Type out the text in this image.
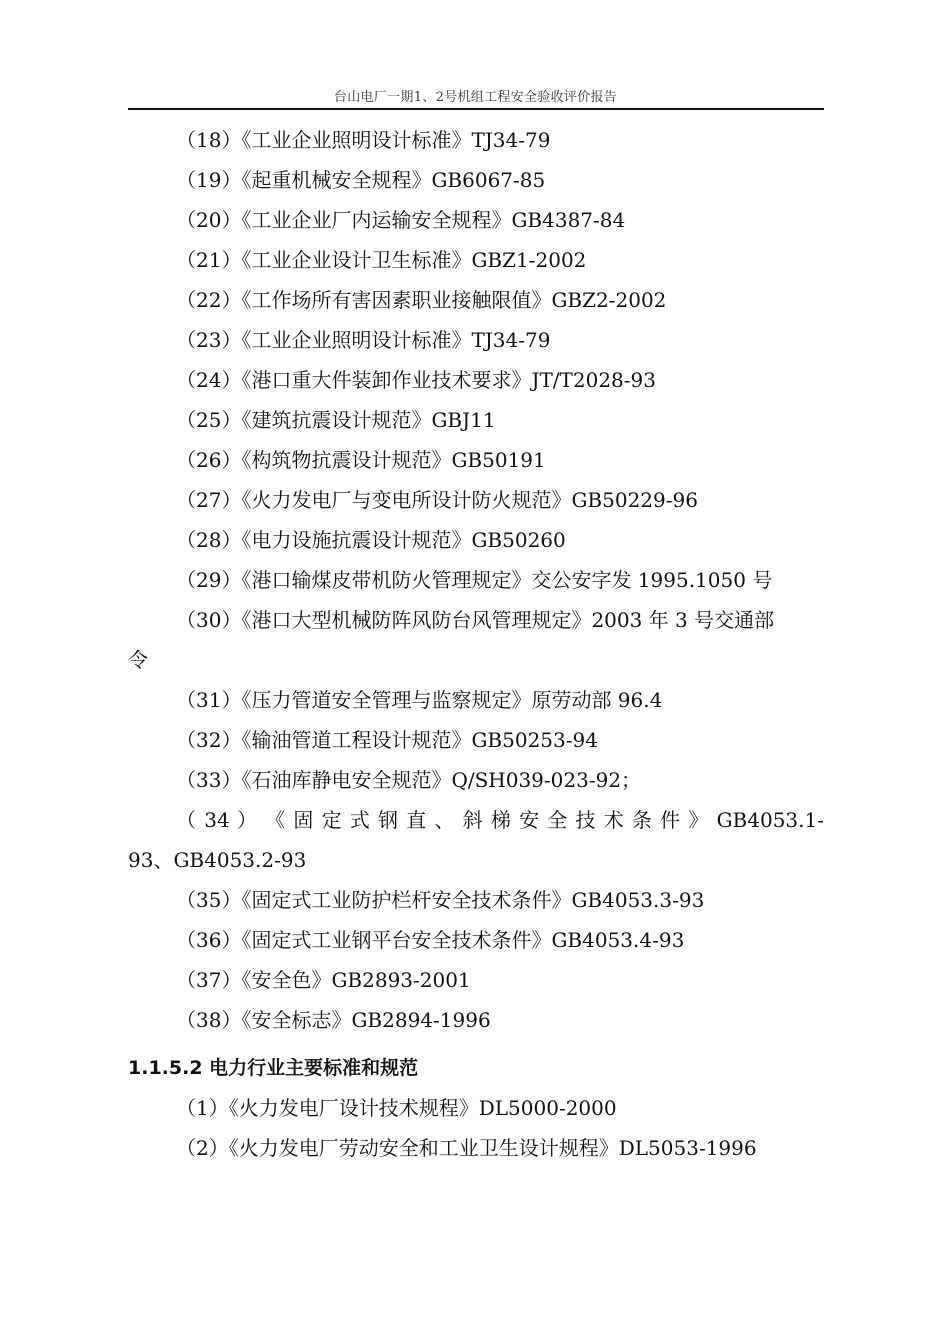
台山电厂一期1、2号机组工程安全验收评价报告
（18）《工业企业照明设计标准》TJ34-79
（19）《起重机械安全规程》GB6067-85
（20）《工业企业厂内运输安全规程》GB4387-84
（21）《工业企业设计卫生标准》GBZ1-2002
（22）《工作场所有害因素职业接触限值》GBZ2-2002
（23）《工业企业照明设计标准》TJ34-79
（24）《港口重大件装卸作业技术要求》JT/T2028-93
（25）《建筑抗震设计规范》GBJ11
（26）《构筑物抗震设计规范》GB50191
（27）《火力发电厂与变电所设计防火规范》GB50229-96
（28）《电力设施抗震设计规范》GB50260
（29）《港口输煤皮带机防火管理规定》交公安字发 1995.1050 号
（30）《港口大型机械防阵风防台风管理规定》2003 年 3 号交通部
令
（31）《压力管道安全管理与监察规定》原劳动部 96.4
（32）《输油管道工程设计规范》GB50253-94
（33）《石油库静电安全规范》Q/SH039-023-92；
（ 34 ） 《 固 定 式 钢 直 、 斜 梯 安 全 技 术 条 件 》 GB4053.1-
93、GB4053.2-93
（35）《固定式工业防护栏杆安全技术条件》GB4053.3-93
（36）《固定式工业钢平台安全技术条件》GB4053.4-93
（37）《安全色》GB2893-2001
（38）《安全标志》GB2894-1996
1.1.5.2 电力行业主要标准和规范
（1）《火力发电厂设计技术规程》DL5000-2000
（2）《火力发电厂劳动安全和工业卫生设计规程》DL5053-1996
